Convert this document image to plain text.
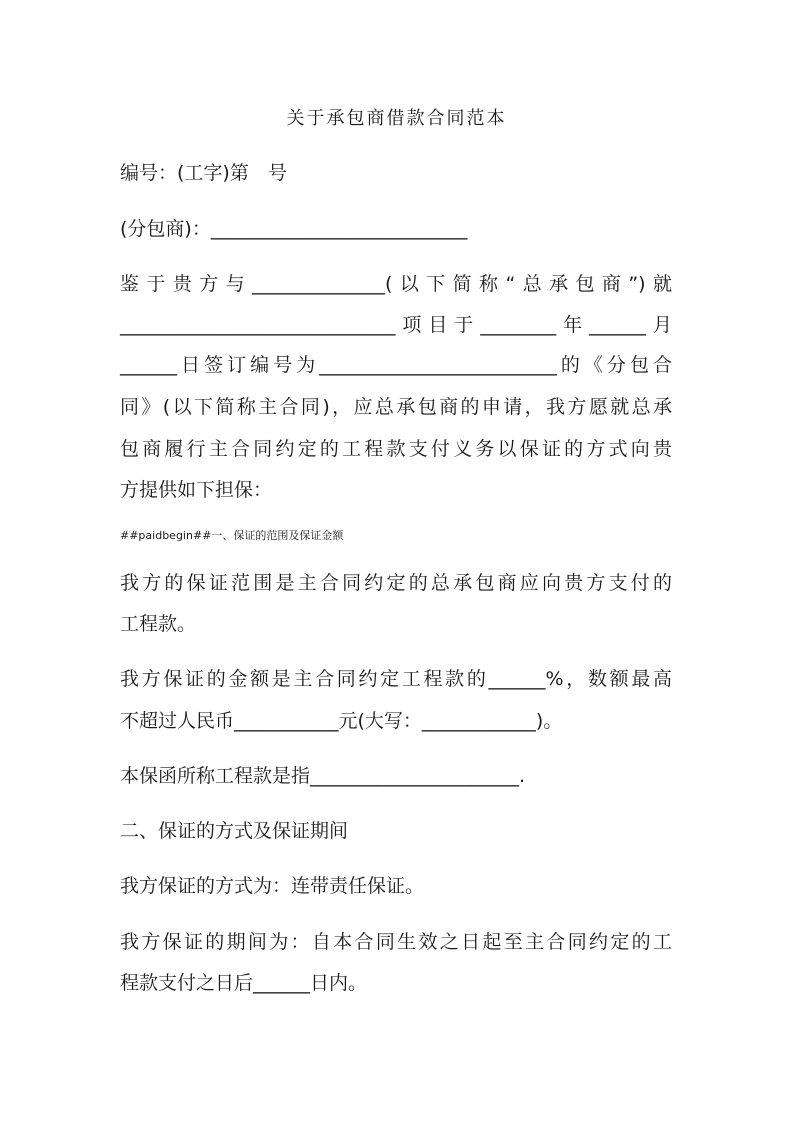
关于承包商借款合同范本
编号：(工字)第　号
(分包商)：___________________________
鉴于贵方与______________(以下简称“总承包商”)就
_____________________________项目于________年______月
______日签订编号为_________________________的《分包合
同》(以下简称主合同)，应总承包商的申请，我方愿就总承
包商履行主合同约定的工程款支付义务以保证的方式向贵
方提供如下担保：
##paidbegin##一、保证的范围及保证金额
我方的保证范围是主合同约定的总承包商应向贵方支付的
工程款。
我方保证的金额是主合同约定工程款的______%，数额最高
不超过人民币___________元(大写：____________)。
本保函所称工程款是指______________________.
二、保证的方式及保证期间
我方保证的方式为：连带责任保证。
我方保证的期间为：自本合同生效之日起至主合同约定的工
程款支付之日后______日内。
